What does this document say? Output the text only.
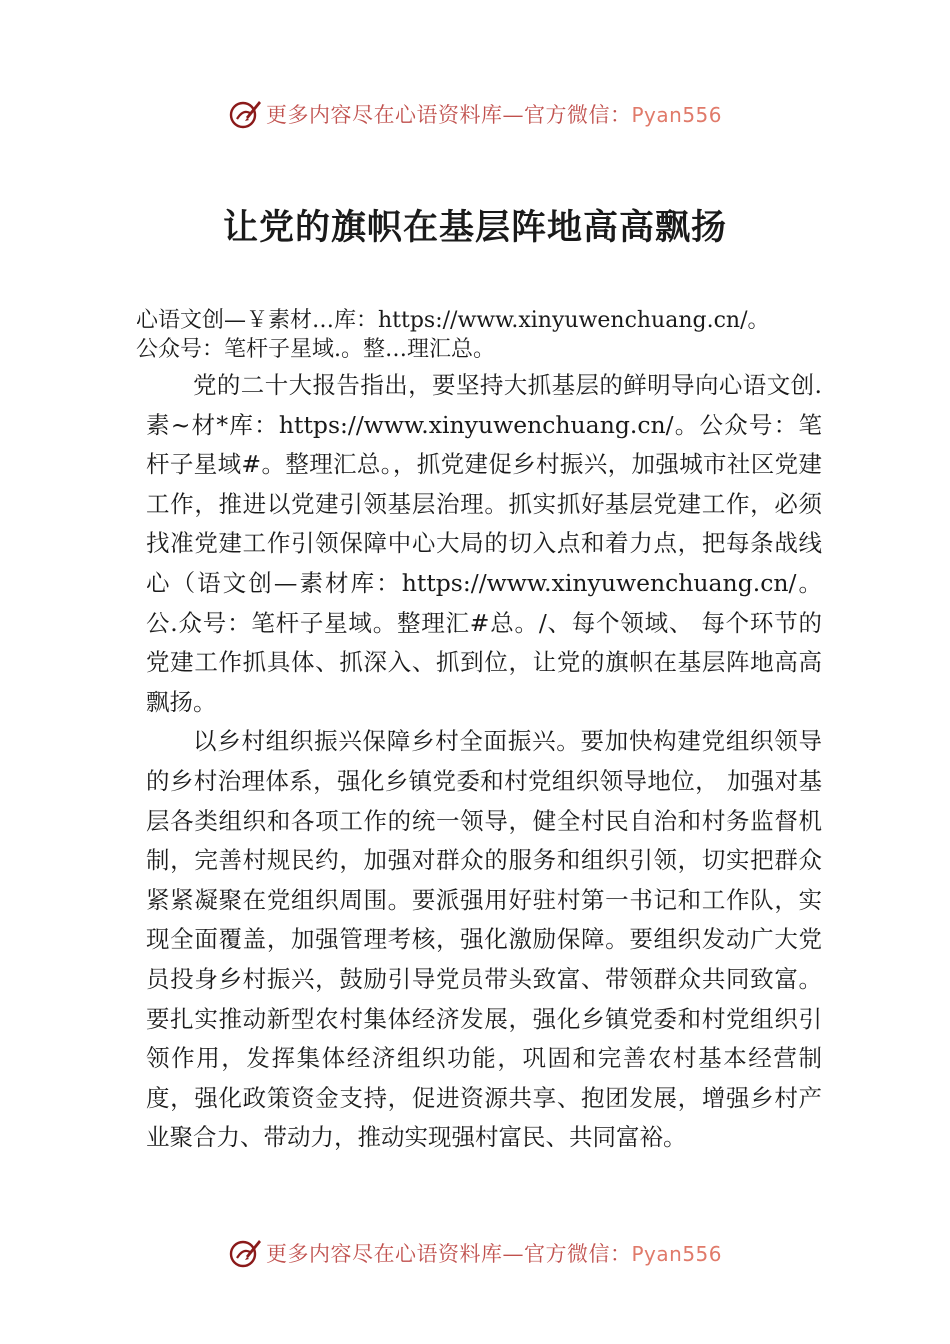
更多内容尽在心语资料库—官方微信：Pyan556
让党的旗帜在基层阵地高高飘扬
心语文创—￥素材…库：https://www.xinyuwenchuang.cn/。
公众号：笔杆子星域.。整…理汇总。

党的二十大报告指出，要坚持大抓基层的鲜明导向心语文创.素~材*库：https://www.xinyuwenchuang.cn/。公众号：笔杆子星域#。整理汇总。，抓党建促乡村振兴，加强城市社区党建工作，推进以党建引领基层治理。抓实抓好基层党建工作，必须找准党建工作引领保障中心大局的切入点和着力点，把每条战线心（语文创—素材库：https://www.xinyuwenchuang.cn/。公.众号：笔杆子星域。整理汇#总。/、每个领域、 每个环节的党建工作抓具体、抓深入、抓到位，让党的旗帜在基层阵地高高飘扬。

以乡村组织振兴保障乡村全面振兴。要加快构建党组织领导的乡村治理体系，强化乡镇党委和村党组织领导地位， 加强对基层各类组织和各项工作的统一领导，健全村民自治和村务监督机制，完善村规民约，加强对群众的服务和组织引领，切实把群众紧紧凝聚在党组织周围。要派强用好驻村第一书记和工作队，实现全面覆盖，加强管理考核，强化激励保障。要组织发动广大党员投身乡村振兴，鼓励引导党员带头致富、带领群众共同致富。要扎实推动新型农村集体经济发展，强化乡镇党委和村党组织引领作用，发挥集体经济组织功能，巩固和完善农村基本经营制度，强化政策资金支持，促进资源共享、抱团发展，增强乡村产业聚合力、带动力，推动实现强村富民、共同富裕。

更多内容尽在心语资料库—官方微信：Pyan556
